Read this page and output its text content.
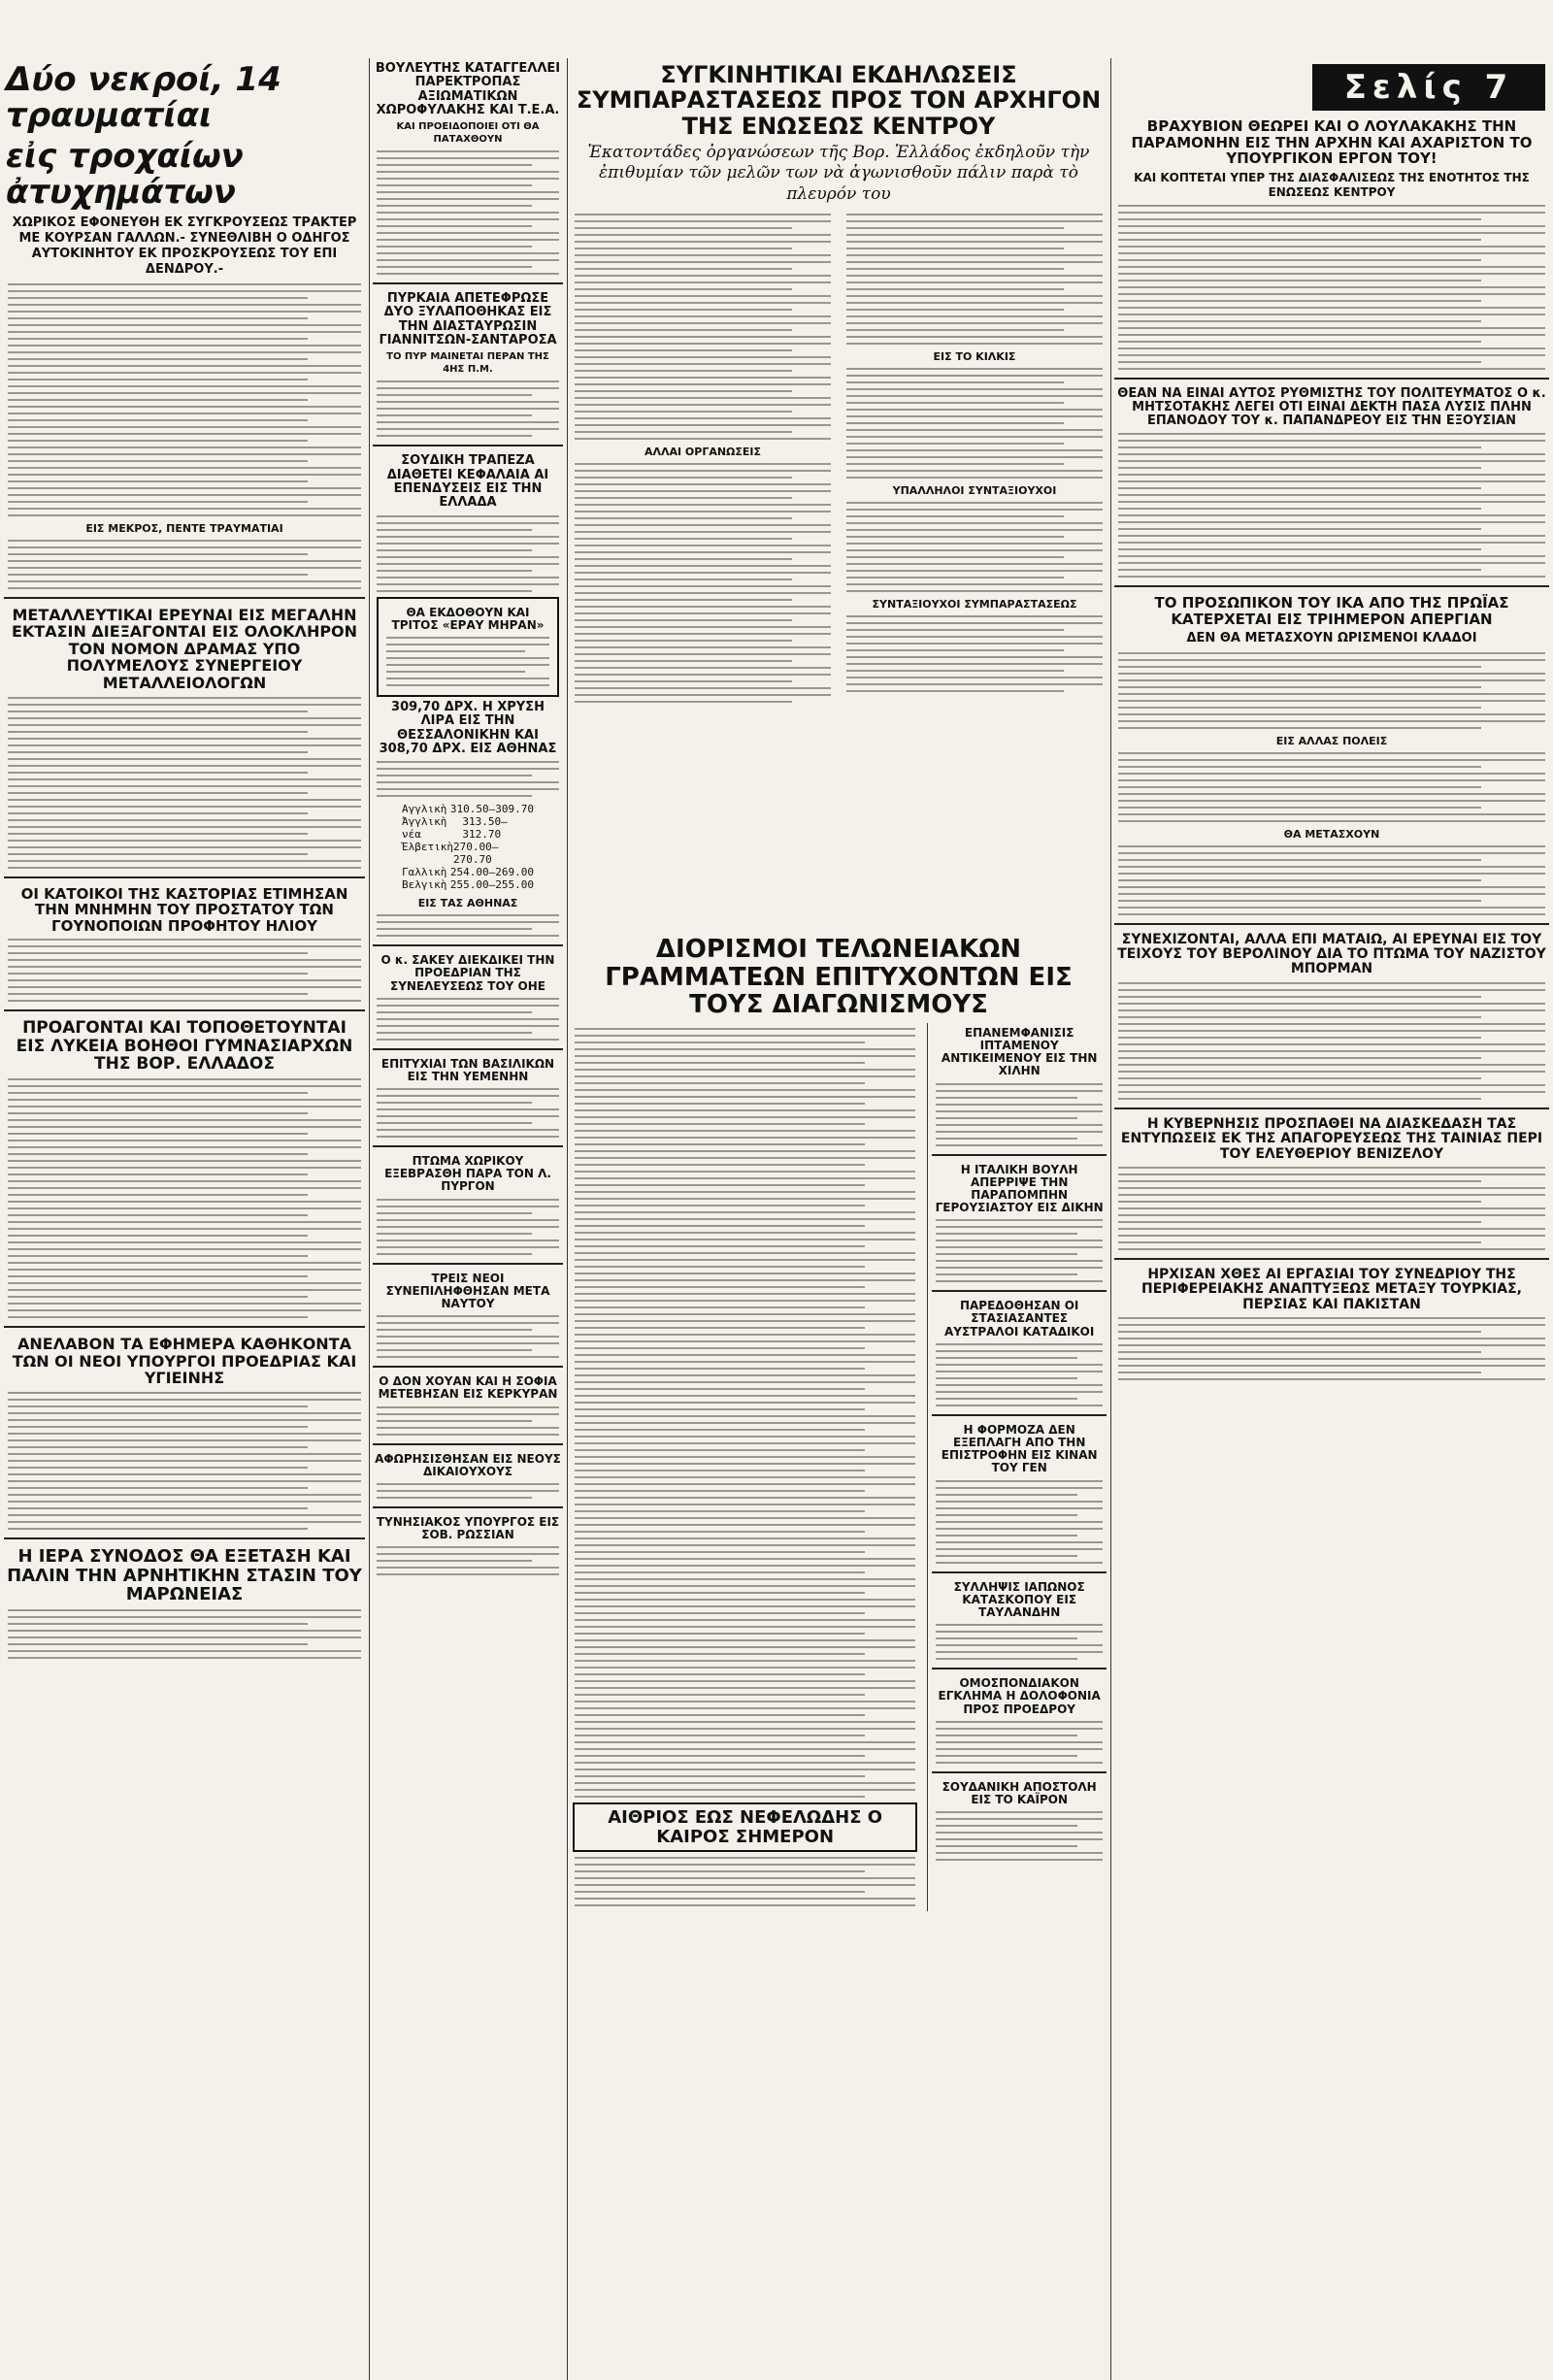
Σελίς 7
Δύο νεκροί, 14 τραυματίαι
εἰς τροχαίων ἀτυχημάτων
ΧΩΡΙΚΟΣ ΕΦΟΝΕΥΘΗ ΕΚ ΣΥΓΚΡΟΥΣΕΩΣ ΤΡΑΚΤΕΡ ΜΕ ΚΟΥΡΣΑΝ ΓΑΛΛΩΝ.- ΣΥΝΕΘΛΙΒΗ Ο ΟΔΗΓΟΣ ΑΥΤΟΚΙΝΗΤΟΥ ΕΚ ΠΡΟΣΚΡΟΥΣΕΩΣ ΤΟΥ ΕΠΙ ΔΕΝΔΡΟΥ.-
ΕΙΣ ΜΕΚΡΟΣ, ΠΕΝΤΕ ΤΡΑΥΜΑΤΙΑΙ
ΜΕΤΑΛΛΕΥΤΙΚΑΙ ΕΡΕΥΝΑΙ ΕΙΣ ΜΕΓΑΛΗΝ ΕΚΤΑΣΙΝ ΔΙΕΞΑΓΟΝΤΑΙ ΕΙΣ ΟΛΟΚΛΗΡΟΝ ΤΟΝ ΝΟΜΟΝ ΔΡΑΜΑΣ ΥΠΟ ΠΟΛΥΜΕΛΟΥΣ ΣΥΝΕΡΓΕΙΟΥ ΜΕΤΑΛΛΕΙΟΛΟΓΩΝ
ΟΙ ΚΑΤΟΙΚΟΙ ΤΗΣ ΚΑΣΤΟΡΙΑΣ ΕΤΙΜΗΣΑΝ ΤΗΝ ΜΝΗΜΗΝ ΤΟΥ ΠΡΟΣΤΑΤΟΥ ΤΩΝ ΓΟΥΝΟΠΟΙΩΝ ΠΡΟΦΗΤΟΥ ΗΛΙΟΥ
ΠΡΟΑΓΟΝΤΑΙ ΚΑΙ ΤΟΠΟΘΕΤΟΥΝΤΑΙ ΕΙΣ ΛΥΚΕΙΑ ΒΟΗΘΟΙ ΓΥΜΝΑΣΙΑΡΧΩΝ ΤΗΣ ΒΟΡ. ΕΛΛΑΔΟΣ
ΑΝΕΛΑΒΟΝ ΤΑ ΕΦΗΜΕΡΑ ΚΑΘΗΚΟΝΤΑ ΤΩΝ ΟΙ ΝΕΟΙ ΥΠΟΥΡΓΟΙ ΠΡΟΕΔΡΙΑΣ ΚΑΙ ΥΓΙΕΙΝΗΣ
Η ΙΕΡΑ ΣΥΝΟΔΟΣ ΘΑ ΕΞΕΤΑΣΗ ΚΑΙ ΠΑΛΙΝ ΤΗΝ ΑΡΝΗΤΙΚΗΝ ΣΤΑΣΙΝ ΤΟΥ ΜΑΡΩΝΕΙΑΣ
ΒΟΥΛΕΥΤΗΣ ΚΑΤΑΓΓΕΛΛΕΙ ΠΑΡΕΚΤΡΟΠΑΣ ΑΞΙΩΜΑΤΙΚΩΝ ΧΩΡΟΦΥΛΑΚΗΣ ΚΑΙ Τ.Ε.Α.
ΚΑΙ ΠΡΟΕΙΔΟΠΟΙΕΙ ΟΤΙ ΘΑ ΠΑΤΑΧΘΟΥΝ
ΠΥΡΚΑΙΑ ΑΠΕΤΕΦΡΩΣΕ ΔΥΟ ΞΥΛΑΠΟΘΗΚΑΣ ΕΙΣ ΤΗΝ ΔΙΑΣΤΑΥΡΩΣΙΝ ΓΙΑΝΝΙΤΣΩΝ-ΣΑΝΤΑΡΟΣΑ
ΤΟ ΠΥΡ ΜΑΙΝΕΤΑΙ ΠΕΡΑΝ ΤΗΣ 4ΗΣ Π.Μ.
ΣΟΥΔΙΚΗ ΤΡΑΠΕΖΑ ΔΙΑΘΕΤΕΙ ΚΕΦΑΛΑΙΑ ΑΙ ΕΠΕΝΔΥΣΕΙΣ ΕΙΣ ΤΗΝ ΕΛΛΑΔΑ
ΘΑ ΕΚΔΟΘΟΥΝ ΚΑΙ ΤΡΙΤΟΣ «ΕΡΑΥ ΜΗΡΑΝ»
309,70 ΔΡΧ. Η ΧΡΥΣΗ ΛΙΡΑ ΕΙΣ ΤΗΝ ΘΕΣΣΑΛΟΝΙΚΗΝ ΚΑΙ 308,70 ΔΡΧ. ΕΙΣ ΑΘΗΝΑΣ
Αγγλικὴ 310.50—309.70
Ἀγγλικὴ νέα
313.50—312.70
Ἑλβετικὴ 270.00—270.70
Γαλλικὴ 254.00—269.00
Βελγικὴ 255.00—255.00
ΕΙΣ ΤΑΣ ΑΘΗΝΑΣ
Ο κ. ΣΑΚΕΥ ΔΙΕΚΔΙΚΕΙ ΤΗΝ ΠΡΟΕΔΡΙΑΝ ΤΗΣ ΣΥΝΕΛΕΥΣΕΩΣ ΤΟΥ ΟΗΕ
ΕΠΙΤΥΧΙΑΙ ΤΩΝ ΒΑΣΙΛΙΚΩΝ ΕΙΣ ΤΗΝ ΥΕΜΕΝΗΝ
ΠΤΩΜΑ ΧΩΡΙΚΟΥ ΕΞΕΒΡΑΣΘΗ ΠΑΡΑ ΤΟΝ Λ. ΠΥΡΓΟΝ
ΤΡΕΙΣ ΝΕΟΙ ΣΥΝΕΠΙΛΗΦΘΗΣΑΝ ΜΕΤΑ ΝΑΥΤΟΥ
Ο ΔΟΝ ΧΟΥΑΝ ΚΑΙ Η ΣΟΦΙΑ ΜΕΤΕΒΗΣΑΝ ΕΙΣ ΚΕΡΚΥΡΑΝ
ΑΦΩΡΗΣΙΣΘΗΣΑΝ ΕΙΣ ΝΕΟΥΣ ΔΙΚΑΙΟΥΧΟΥΣ
ΤΥΝΗΣΙΑΚΟΣ ΥΠΟΥΡΓΟΣ ΕΙΣ ΣΟΒ. ΡΩΣΣΙΑΝ
ΣΥΓΚΙΝΗΤΙΚΑΙ ΕΚΔΗΛΩΣΕΙΣ ΣΥΜΠΑΡΑΣΤΑΣΕΩΣ ΠΡΟΣ ΤΟΝ ΑΡΧΗΓΟΝ ΤΗΣ ΕΝΩΣΕΩΣ ΚΕΝΤΡΟΥ
Ἑκατοντάδες ὀργανώσεων τῆς Βορ. Ἑλλάδος ἐκδηλοῦν τὴν ἐπιθυμίαν τῶν μελῶν των νὰ ἀγωνισθοῦν πάλιν παρὰ τὸ πλευρόν του
ΑΛΛΑΙ ΟΡΓΑΝΩΣΕΙΣ
ΕΙΣ ΤΟ ΚΙΛΚΙΣ
ΥΠΑΛΛΗΛΟΙ ΣΥΝΤΑΞΙΟΥΧΟΙ
ΣΥΝΤΑΞΙΟΥΧΟΙ ΣΥΜΠΑΡΑΣΤΑΣΕΩΣ
ΔΙΟΡΙΣΜΟΙ ΤΕΛΩΝΕΙΑΚΩΝ ΓΡΑΜΜΑΤΕΩΝ ΕΠΙΤΥΧΟΝΤΩΝ ΕΙΣ ΤΟΥΣ ΔΙΑΓΩΝΙΣΜΟΥΣ
ΑΙΘΡΙΟΣ ΕΩΣ ΝΕΦΕΛΩΔΗΣ Ο ΚΑΙΡΟΣ ΣΗΜΕΡΟΝ
ΕΠΑΝΕΜΦΑΝΙΣΙΣ ΙΠΤΑΜΕΝΟΥ ΑΝΤΙΚΕΙΜΕΝΟΥ ΕΙΣ ΤΗΝ ΧΙΛΗΝ
Η ΙΤΑΛΙΚΗ ΒΟΥΛΗ ΑΠΕΡΡΙΨΕ ΤΗΝ ΠΑΡΑΠΟΜΠΗΝ ΓΕΡΟΥΣΙΑΣΤΟΥ ΕΙΣ ΔΙΚΗΝ
ΠΑΡΕΔΟΘΗΣΑΝ ΟΙ ΣΤΑΣΙΑΣΑΝΤΕΣ ΑΥΣΤΡΑΛΟΙ ΚΑΤΑΔΙΚΟΙ
Η ΦΟΡΜΟΖΑ ΔΕΝ ΕΞΕΠΛΑΓΗ ΑΠΟ ΤΗΝ ΕΠΙΣΤΡΟΦΗΝ ΕΙΣ ΚΙΝΑΝ ΤΟΥ ΓΕΝ
ΣΥΛΛΗΨΙΣ ΙΑΠΩΝΟΣ ΚΑΤΑΣΚΟΠΟΥ ΕΙΣ ΤΑΥΛΑΝΔΗΝ
ΟΜΟΣΠΟΝΔΙΑΚΟΝ ΕΓΚΛΗΜΑ Η ΔΟΛΟΦΟΝΙΑ ΠΡΟΣ ΠΡΟΕΔΡΟΥ
ΣΟΥΔΑΝΙΚΗ ΑΠΟΣΤΟΛΗ ΕΙΣ ΤΟ ΚΑΪΡΟΝ
ΒΡΑΧΥΒΙΟΝ ΘΕΩΡΕΙ ΚΑΙ Ο ΛΟΥΛΑΚΑΚΗΣ ΤΗΝ ΠΑΡΑΜΟΝΗΝ ΕΙΣ ΤΗΝ ΑΡΧΗΝ ΚΑΙ ΑΧΑΡΙΣΤΟΝ ΤΟ ΥΠΟΥΡΓΙΚΟΝ ΕΡΓΟΝ ΤΟΥ!
ΚΑΙ ΚΟΠΤΕΤΑΙ ΥΠΕΡ ΤΗΣ ΔΙΑΣΦΑΛΙΣΕΩΣ ΤΗΣ ΕΝΟΤΗΤΟΣ ΤΗΣ ΕΝΩΣΕΩΣ ΚΕΝΤΡΟΥ
ΘΕΑΝ ΝΑ ΕΙΝΑΙ ΑΥΤΟΣ ΡΥΘΜΙΣΤΗΣ ΤΟΥ ΠΟΛΙΤΕΥΜΑΤΟΣ Ο κ. ΜΗΤΣΟΤΑΚΗΣ ΛΕΓΕΙ ΟΤΙ ΕΙΝΑΙ ΔΕΚΤΗ ΠΑΣΑ ΛΥΣΙΣ ΠΛΗΝ ΕΠΑΝΟΔΟΥ ΤΟΥ κ. ΠΑΠΑΝΔΡΕΟΥ ΕΙΣ ΤΗΝ ΕΞΟΥΣΙΑΝ
ΤΟ ΠΡΟΣΩΠΙΚΟΝ ΤΟΥ ΙΚΑ ΑΠΟ ΤΗΣ ΠΡΩΪΑΣ ΚΑΤΕΡΧΕΤΑΙ ΕΙΣ ΤΡΙΗΜΕΡΟΝ ΑΠΕΡΓΙΑΝ
ΔΕΝ ΘΑ ΜΕΤΑΣΧΟΥΝ ΩΡΙΣΜΕΝΟΙ ΚΛΑΔΟΙ
ΕΙΣ ΑΛΛΑΣ ΠΟΛΕΙΣ
ΘΑ ΜΕΤΑΣΧΟΥΝ
ΣΥΝΕΧΙΖΟΝΤΑΙ, ΑΛΛΑ ΕΠΙ ΜΑΤΑΙΩ, ΑΙ ΕΡΕΥΝΑΙ ΕΙΣ ΤΟΥ ΤΕΙΧΟΥΣ ΤΟΥ ΒΕΡΟΛΙΝΟΥ ΔΙΑ ΤΟ ΠΤΩΜΑ ΤΟΥ ΝΑΖΙΣΤΟΥ ΜΠΟΡΜΑΝ
Η ΚΥΒΕΡΝΗΣΙΣ ΠΡΟΣΠΑΘΕΙ ΝΑ ΔΙΑΣΚΕΔΑΣΗ ΤΑΣ ΕΝΤΥΠΩΣΕΙΣ ΕΚ ΤΗΣ ΑΠΑΓΟΡΕΥΣΕΩΣ ΤΗΣ ΤΑΙΝΙΑΣ ΠΕΡΙ ΤΟΥ ΕΛΕΥΘΕΡΙΟΥ ΒΕΝΙΖΕΛΟΥ
ΗΡΧΙΣΑΝ ΧΘΕΣ ΑΙ ΕΡΓΑΣΙΑΙ ΤΟΥ ΣΥΝΕΔΡΙΟΥ ΤΗΣ ΠΕΡΙΦΕΡΕΙΑΚΗΣ ΑΝΑΠΤΥΞΕΩΣ ΜΕΤΑΞΥ ΤΟΥΡΚΙΑΣ, ΠΕΡΣΙΑΣ ΚΑΙ ΠΑΚΙΣΤΑΝ
